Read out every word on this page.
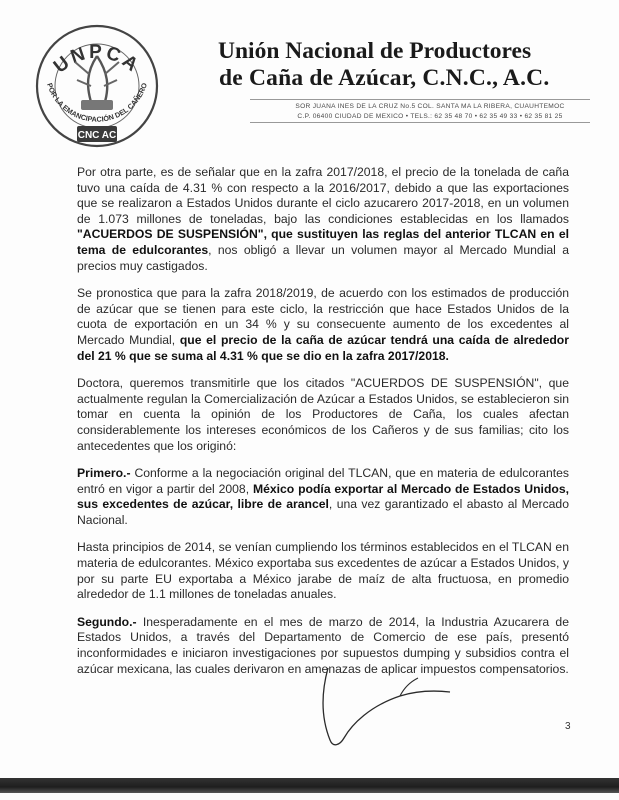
UNPCA
POR LA EMANCIPACIÓN DEL CAÑERO
CNC AC
Unión Nacional de Productores
de Caña de Azúcar, C.N.C., A.C.
SOR JUANA INES DE LA CRUZ No.5 COL. SANTA MA LA RIBERA, CUAUHTEMOC
C.P. 06400 CIUDAD DE MEXICO • TELS.: 62 35 48 70 • 62 35 49 33 • 62 35 81 25

Por otra parte, es de señalar que en la zafra 2017/2018, el precio de la tonelada de caña tuvo una caída de 4.31 % con respecto a la 2016/2017, debido a que las exportaciones que se realizaron a Estados Unidos durante el ciclo azucarero 2017-2018, en un volumen de 1.073 millones de toneladas, bajo las condiciones establecidas en los llamados "ACUERDOS DE SUSPENSIÓN", que sustituyen las reglas del anterior TLCAN en el tema de edulcorantes, nos obligó a llevar un volumen mayor al Mercado Mundial a precios muy castigados.

Se pronostica que para la zafra 2018/2019, de acuerdo con los estimados de producción de azúcar que se tienen para este ciclo, la restricción que hace Estados Unidos de la cuota de exportación en un 34 % y su consecuente aumento de los excedentes al Mercado Mundial, que el precio de la caña de azúcar tendrá una caída de alrededor del 21 % que se suma al 4.31 % que se dio en la zafra 2017/2018.

Doctora, queremos transmitirle que los citados "ACUERDOS DE SUSPENSIÓN", que actualmente regulan la Comercialización de Azúcar a Estados Unidos, se establecieron sin tomar en cuenta la opinión de los Productores de Caña, los cuales afectan considerablemente los intereses económicos de los Cañeros y de sus familias; cito los antecedentes que los originó:

Primero.- Conforme a la negociación original del TLCAN, que en materia de edulcorantes entró en vigor a partir del 2008, México podía exportar al Mercado de Estados Unidos, sus excedentes de azúcar, libre de arancel, una vez garantizado el abasto al Mercado Nacional.

Hasta principios de 2014, se venían cumpliendo los términos establecidos en el TLCAN en materia de edulcorantes. México exportaba sus excedentes de azúcar a Estados Unidos, y por su parte EU exportaba a México jarabe de maíz de alta fructuosa, en promedio alrededor de 1.1 millones de toneladas anuales.

Segundo.- Inesperadamente en el mes de marzo de 2014, la Industria Azucarera de Estados Unidos, a través del Departamento de Comercio de ese país, presentó inconformidades e iniciaron investigaciones por supuestos dumping y subsidios contra el azúcar mexicana, las cuales derivaron en amenazas de aplicar impuestos compensatorios.

3
